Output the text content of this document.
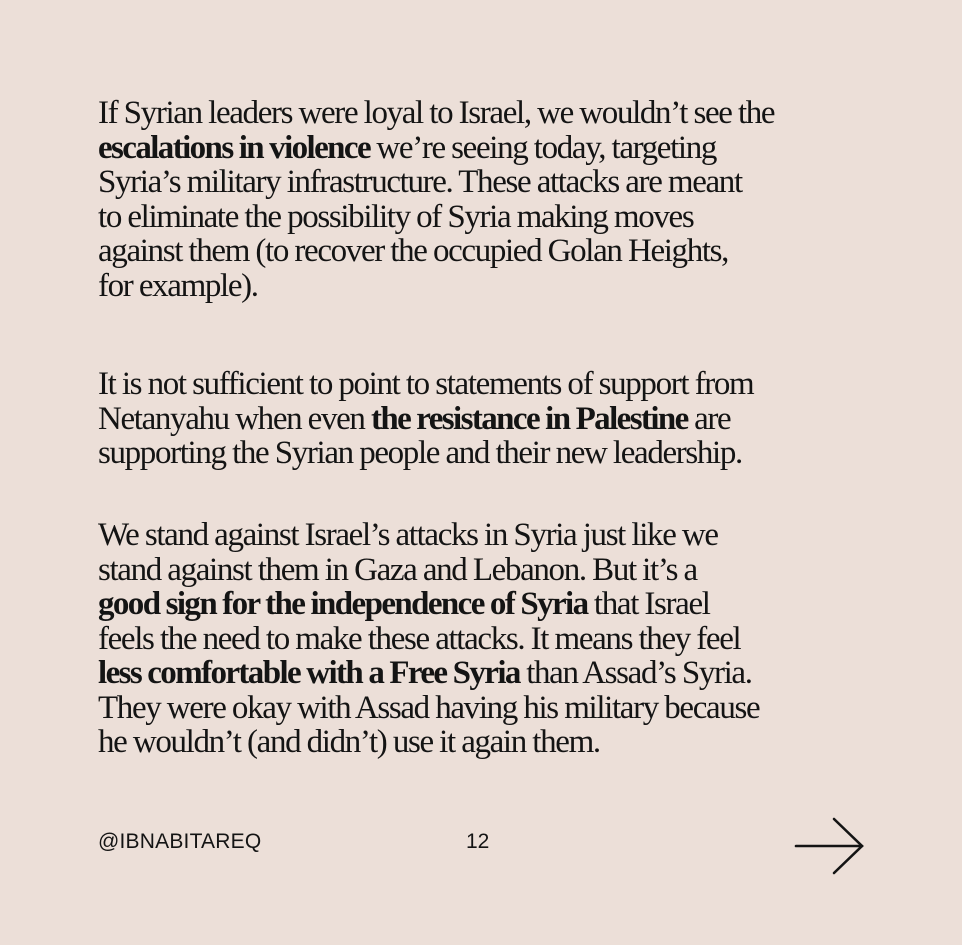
If Syrian leaders were loyal to Israel, we wouldn’t see the
escalations in violence we’re seeing today, targeting
Syria’s military infrastructure. These attacks are meant
to eliminate the possibility of Syria making moves
against them (to recover the occupied Golan Heights,
for example).

It is not sufficient to point to statements of support from
Netanyahu when even the resistance in Palestine are
supporting the Syrian people and their new leadership.

We stand against Israel’s attacks in Syria just like we
stand against them in Gaza and Lebanon. But it’s a
good sign for the independence of Syria that Israel
feels the need to make these attacks. It means they feel
less comfortable with a Free Syria than Assad’s Syria.
They were okay with Assad having his military because
he wouldn’t (and didn’t) use it again them.

@IBNABITAREQ	12
